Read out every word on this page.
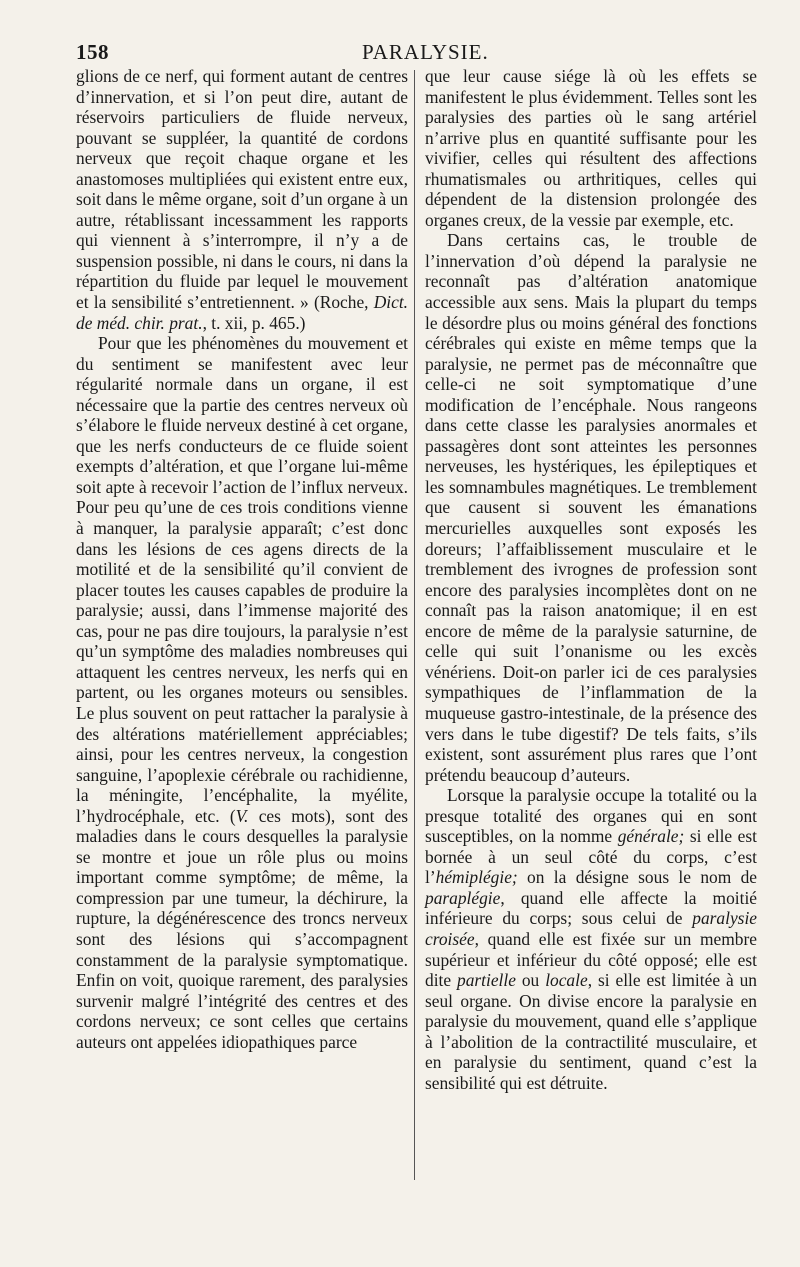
158	PARALYSIE.

glions de ce nerf, qui forment autant de centres d’innervation, et si l’on peut dire, autant de réservoirs particuliers de fluide nerveux, pouvant se suppléer, la quantité de cordons nerveux que reçoit chaque organe et les anastomoses multipliées qui existent entre eux, soit dans le même organe, soit d’un organe à un autre, rétablissant incessamment les rapports qui viennent à s’interrompre, il n’y a de suspension possible, ni dans le cours, ni dans la répartition du fluide par lequel le mouvement et la sensibilité s’entretiennent. » (Roche, Dict. de méd. chir. prat., t. xii, p. 465.)

Pour que les phénomènes du mouvement et du sentiment se manifestent avec leur régularité normale dans un organe, il est nécessaire que la partie des centres nerveux où s’élabore le fluide nerveux destiné à cet organe, que les nerfs conducteurs de ce fluide soient exempts d’altération, et que l’organe lui-même soit apte à recevoir l’action de l’influx nerveux. Pour peu qu’une de ces trois conditions vienne à manquer, la paralysie apparaît; c’est donc dans les lésions de ces agens directs de la motilité et de la sensibilité qu’il convient de placer toutes les causes capables de produire la paralysie; aussi, dans l’immense majorité des cas, pour ne pas dire toujours, la paralysie n’est qu’un symptôme des maladies nombreuses qui attaquent les centres nerveux, les nerfs qui en partent, ou les organes moteurs ou sensibles. Le plus souvent on peut rattacher la paralysie à des altérations matériellement appréciables; ainsi, pour les centres nerveux, la congestion sanguine, l’apoplexie cérébrale ou rachidienne, la méningite, l’encéphalite, la myélite, l’hydrocéphale, etc. (V. ces mots), sont des maladies dans le cours desquelles la paralysie se montre et joue un rôle plus ou moins important comme symptôme; de même, la compression par une tumeur, la déchirure, la rupture, la dégénérescence des troncs nerveux sont des lésions qui s’accompagnent constamment de la paralysie symptomatique. Enfin on voit, quoique rarement, des paralysies survenir malgré l’intégrité des centres et des cordons nerveux; ce sont celles que certains auteurs ont appelées idiopathiques parce

que leur cause siége là où les effets se manifestent le plus évidemment. Telles sont les paralysies des parties où le sang artériel n’arrive plus en quantité suffisante pour les vivifier, celles qui résultent des affections rhumatismales ou arthritiques, celles qui dépendent de la distension prolongée des organes creux, de la vessie par exemple, etc.

Dans certains cas, le trouble de l’innervation d’où dépend la paralysie ne reconnaît pas d’altération anatomique accessible aux sens. Mais la plupart du temps le désordre plus ou moins général des fonctions cérébrales qui existe en même temps que la paralysie, ne permet pas de méconnaître que celle-ci ne soit symptomatique d’une modification de l’encéphale. Nous rangeons dans cette classe les paralysies anormales et passagères dont sont atteintes les personnes nerveuses, les hystériques, les épileptiques et les somnambules magnétiques. Le tremblement que causent si souvent les émanations mercurielles auxquelles sont exposés les doreurs; l’affaiblissement musculaire et le tremblement des ivrognes de profession sont encore des paralysies incomplètes dont on ne connaît pas la raison anatomique; il en est encore de même de la paralysie saturnine, de celle qui suit l’onanisme ou les excès vénériens. Doit-on parler ici de ces paralysies sympathiques de l’inflammation de la muqueuse gastro-intestinale, de la présence des vers dans le tube digestif? De tels faits, s’ils existent, sont assurément plus rares que l’ont prétendu beaucoup d’auteurs.

Lorsque la paralysie occupe la totalité ou la presque totalité des organes qui en sont susceptibles, on la nomme générale; si elle est bornée à un seul côté du corps, c’est l’hémiplégie; on la désigne sous le nom de paraplégie, quand elle affecte la moitié inférieure du corps; sous celui de paralysie croisée, quand elle est fixée sur un membre supérieur et inférieur du côté opposé; elle est dite partielle ou locale, si elle est limitée à un seul organe. On divise encore la paralysie en paralysie du mouvement, quand elle s’applique à l’abolition de la contractilité musculaire, et en paralysie du sentiment, quand c’est la sensibilité qui est détruite.
